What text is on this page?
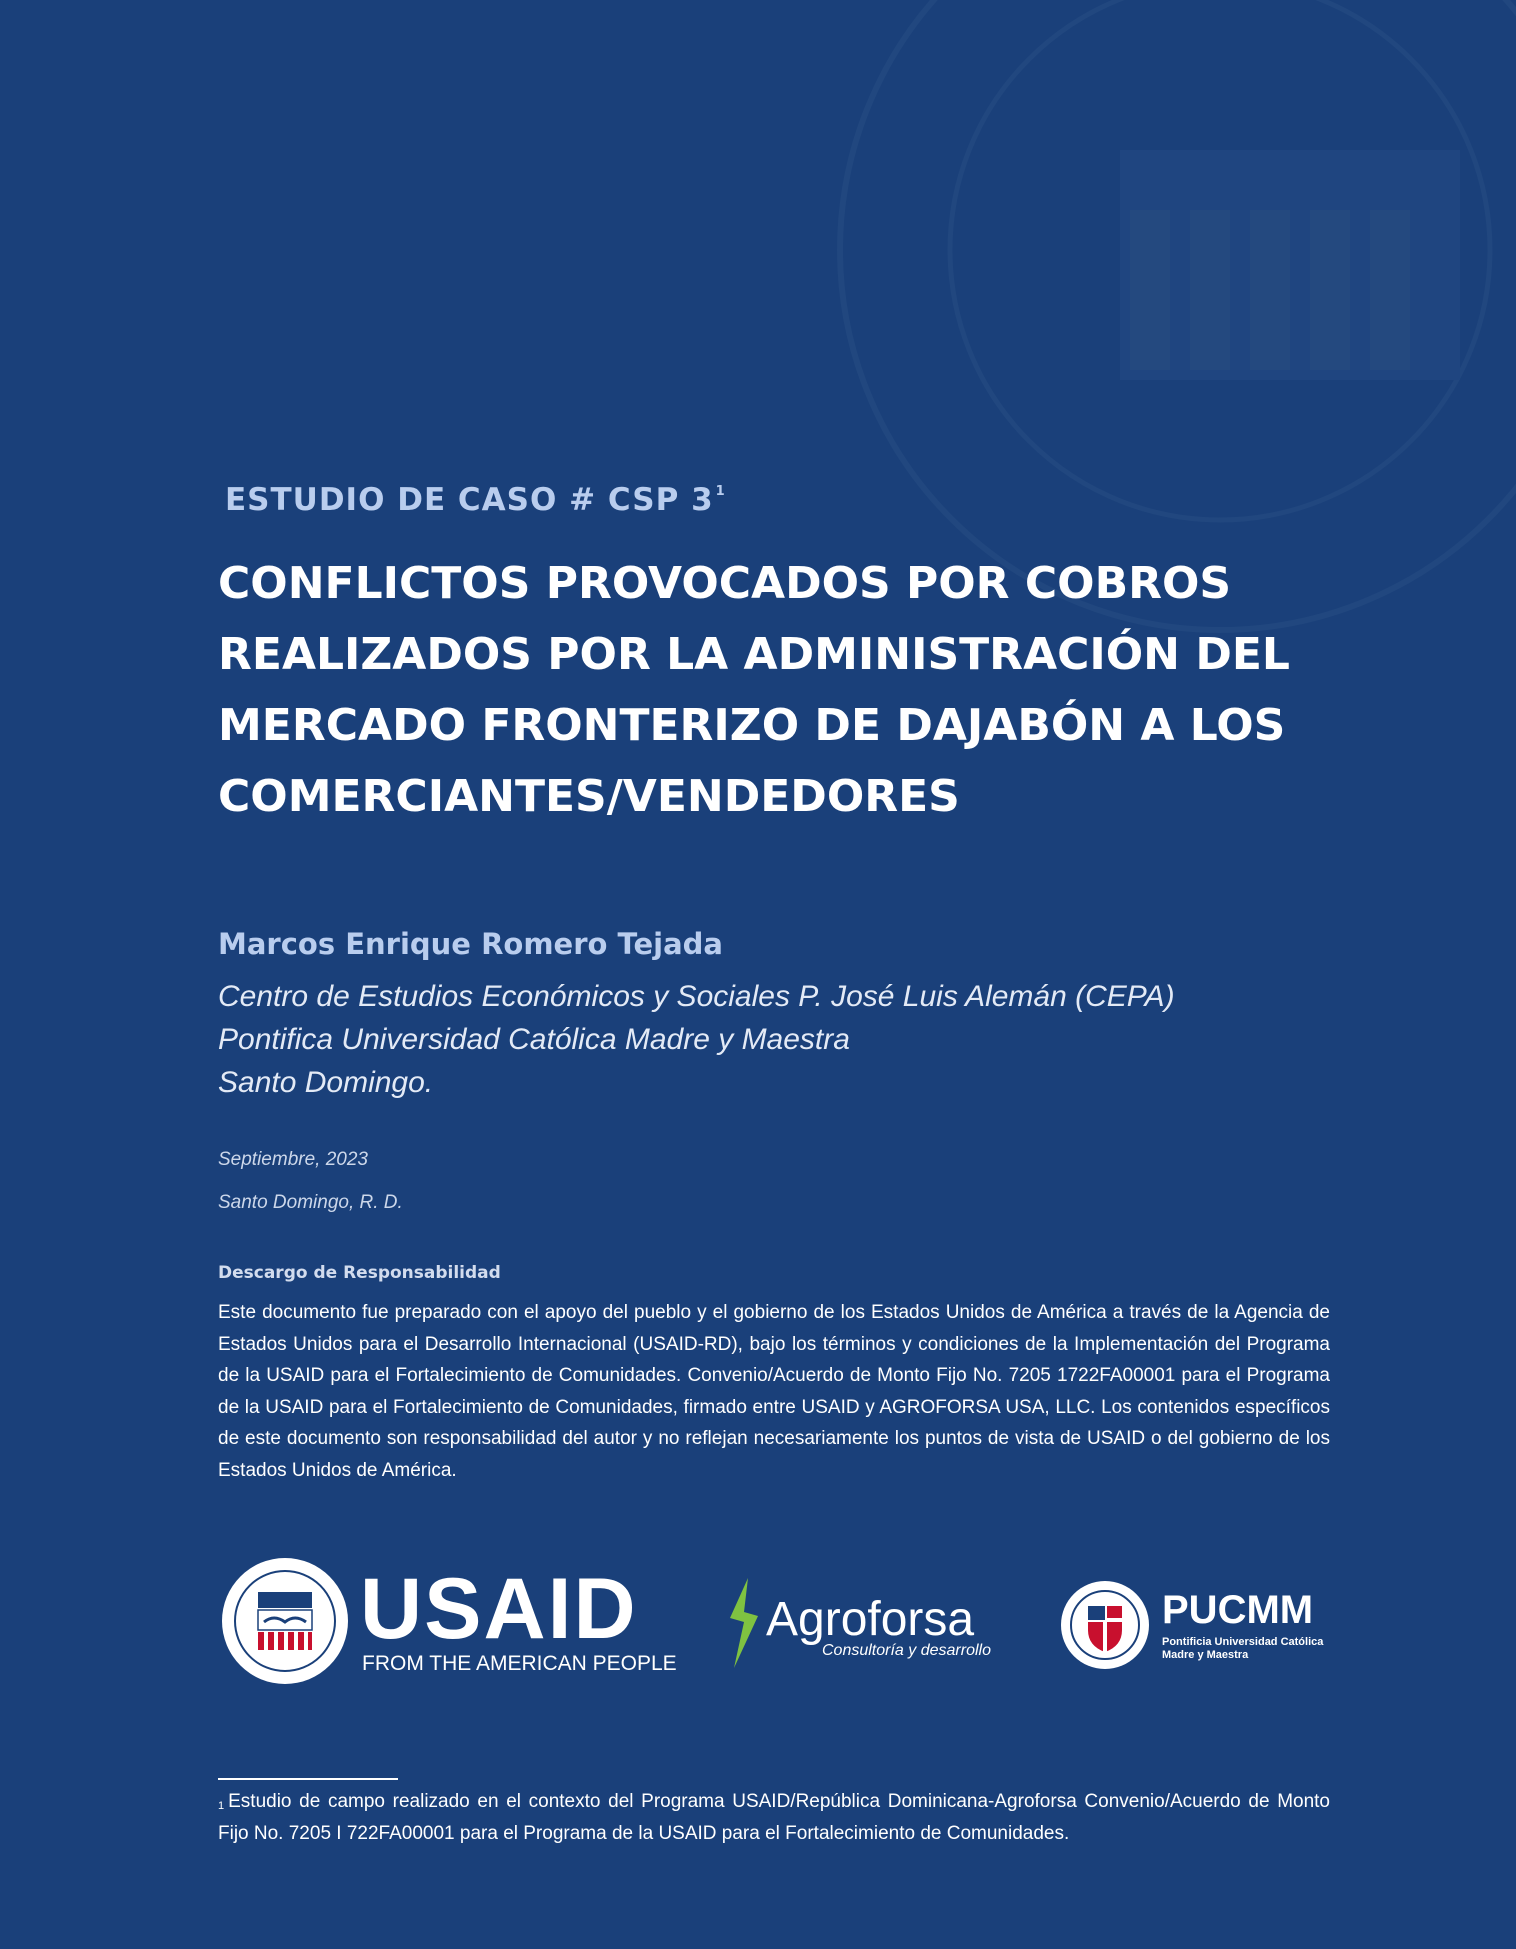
ESTUDIO DE CASO # CSP 3 $^1$
CONFLICTOS PROVOCADOS POR COBROS
REALIZADOS POR LA ADMINISTRACIÓN DEL
MERCADO FRONTERIZO DE DAJABÓN A LOS
COMERCIANTES/VENDEDORES
Marcos Enrique Romero Tejada
Centro de Estudios Económicos y Sociales P. José Luis Alemán (CEPA)
Pontifica Universidad Católica Madre y Maestra
Santo Domingo.
Septiembre, 2023
Santo Domingo, R. D.
Descargo de Responsabilidad
Este documento fue preparado con el apoyo del pueblo y el gobierno de los Estados Unidos de América a través de la Agencia de Estados Unidos para el Desarrollo Internacional (USAID-RD), bajo los términos y condiciones de la Implementación del Programa de la USAID para el Fortalecimiento de Comunidades. Convenio/Acuerdo de Monto Fijo No. 7205 1722FA00001 para el Programa de la USAID para el Fortalecimiento de Comunidades, firmado entre USAID y AGROFORSA USA, LLC. Los contenidos específicos de este documento son responsabilidad del autor y no reflejan necesariamente los puntos de vista de USAID o del gobierno de los Estados Unidos de América.
USAID
FROM THE AMERICAN PEOPLE
Agroforsa
Consultoría y desarrollo
PUCMM
Pontificia Universidad Católica
Madre y Maestra
$^1$ Estudio de campo realizado en el contexto del Programa USAID/República Dominicana-Agroforsa Convenio/Acuerdo de Monto Fijo No. 7205 I 722FA00001 para el Programa de la USAID para el Fortalecimiento de Comunidades.
